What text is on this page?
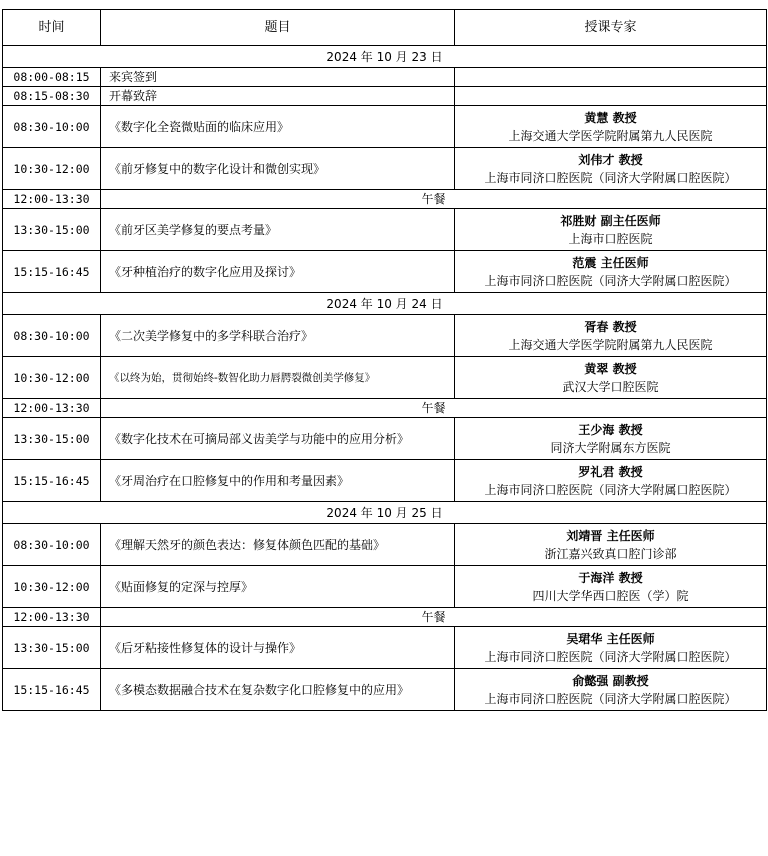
时间	题目	授课专家
2024 年 10 月 23 日		
08:00-08:15	来宾签到	
08:15-08:30	开幕致辞	
08:30-10:00	《数字化全瓷微贴面的临床应用》	黄慧 教授
上海交通大学医学院附属第九人民医院

10:30-12:00	《前牙修复中的数字化设计和微创实现》	刘伟才 教授
上海市同济口腔医院（同济大学附属口腔医院）

12:00-13:30	午餐	
13:30-15:00	《前牙区美学修复的要点考量》	祁胜财 副主任医师
上海市口腔医院

15:15-16:45	《牙种植治疗的数字化应用及探讨》	范震 主任医师
上海市同济口腔医院（同济大学附属口腔医院）

2024 年 10 月 24 日		
08:30-10:00	《二次美学修复中的多学科联合治疗》	胥春 教授
上海交通大学医学院附属第九人民医院

10:30-12:00	《以终为始，贯彻始终-数智化助力唇腭裂微创美学修复》	黄翠 教授
武汉大学口腔医院

12:00-13:30	午餐	
13:30-15:00	《数字化技术在可摘局部义齿美学与功能中的应用分析》	王少海 教授
同济大学附属东方医院

15:15-16:45	《牙周治疗在口腔修复中的作用和考量因素》	罗礼君 教授
上海市同济口腔医院（同济大学附属口腔医院）

2024 年 10 月 25 日		
08:30-10:00	《理解天然牙的颜色表达：修复体颜色匹配的基础》	刘靖晋 主任医师
浙江嘉兴致真口腔门诊部

10:30-12:00	《贴面修复的定深与控厚》	于海洋 教授
四川大学华西口腔医（学）院

12:00-13:30	午餐	
13:30-15:00	《后牙粘接性修复体的设计与操作》	吴珺华 主任医师
上海市同济口腔医院（同济大学附属口腔医院）

15:15-16:45	《多模态数据融合技术在复杂数字化口腔修复中的应用》	俞懿强 副教授
上海市同济口腔医院（同济大学附属口腔医院）
